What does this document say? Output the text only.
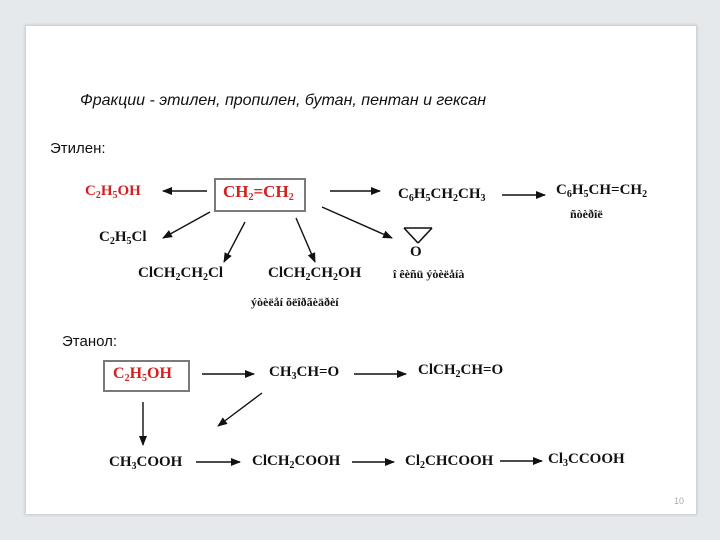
Фракции - этилен, пропилен, бутан, пентан и гексан
Этилен:
Этанол:
$CH_2=CH_2$
$C_2H_5OH$	$C_6H_5CH_2CH_3$
$C_6H_5CH=CH_2$
ñòèðîë
$C_2H_5Cl$
$ClCH_2CH_2Cl$	$ClCH_2CH_2OH$
ýòèëåí õëîðãèäðèí
O
î êèñü ýòèëåíà
$C_2H_5OH$	$CH_3CH=O$	ClCH$_2$CH=O
$CH_3COOH$	ClCH$_2$COOH	$Cl_2CHCOOH$	$Cl_3CCOOH$
10
